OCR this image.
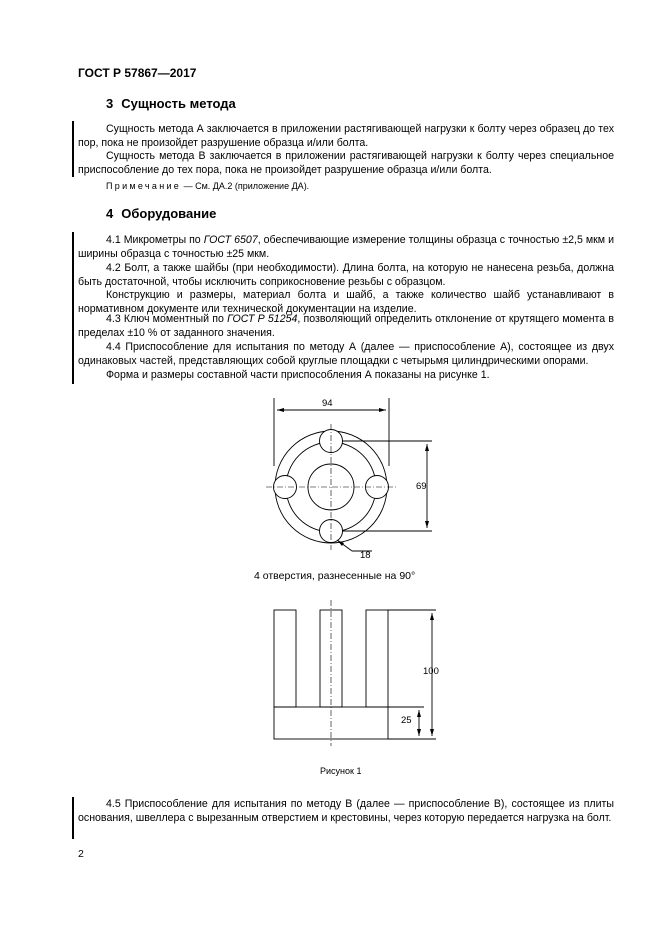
ГОСТ Р 57867—2017
3 Сущность метода
Сущность метода А заключается в приложении растягивающей нагрузки к болту через образец до тех пор, пока не произойдет разрушение образца и/или болта.
Сущность метода В заключается в приложении растягивающей нагрузки к болту через специальное приспособление до тех пора, пока не произойдет разрушение образца и/или болта.
Примечание — См. ДА.2 (приложение ДА).
4 Оборудование
4.1 Микрометры по ГОСТ 6507, обеспечивающие измерение толщины образца с точностью ±2,5 мкм и ширины образца с точностью ±25 мкм.
4.2 Болт, а также шайбы (при необходимости). Длина болта, на которую не нанесена резьба, должна быть достаточной, чтобы исключить соприкосновение резьбы с образцом.
Конструкцию и размеры, материал болта и шайб, а также количество шайб устанавливают в нормативном документе или технической документации на изделие.
4.3 Ключ моментный по ГОСТ Р 51254, позволяющий определить отклонение от крутящего момента в пределах ±10 % от заданного значения.
4.4 Приспособление для испытания по методу А (далее — приспособление А), состоящее из двух одинаковых частей, представляющих собой круглые площадки с четырьмя цилиндрическими опорами.
Форма и размеры составной части приспособления А показаны на рисунке 1.
94
69
18
4 отверстия, разнесенные на 90°
100
25
Рисунок 1
4.5 Приспособление для испытания по методу В (далее — приспособление В), состоящее из плиты основания, швеллера с вырезанным отверстием и крестовины, через которую передается нагрузка на болт.
2
